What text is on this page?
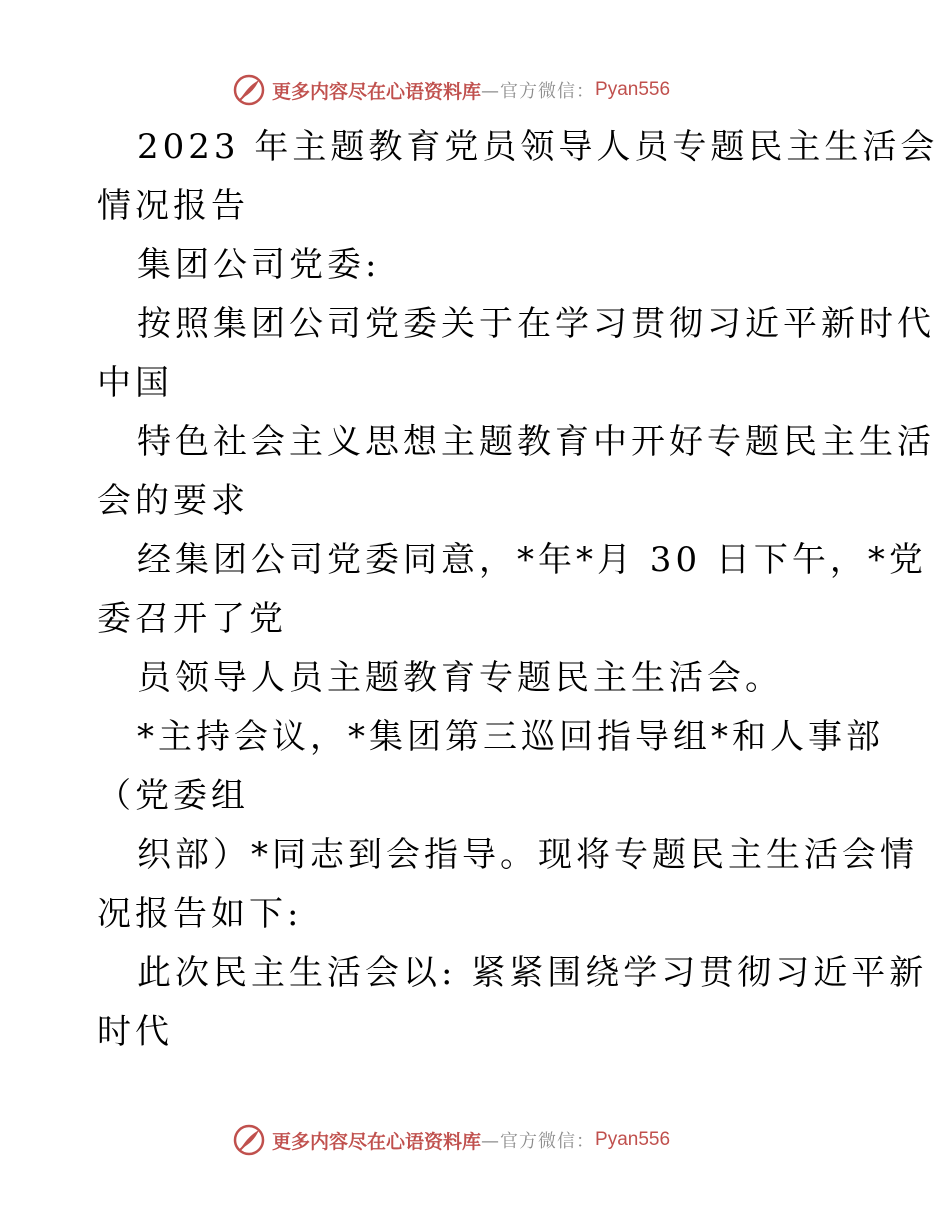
更多内容尽在心语资料库 —官方微信： Pyan556
2023 年主题教育党员领导人员专题民主生活会
情况报告
集团公司党委:
按照集团公司党委关于在学习贯彻习近平新时代
中国
特色社会主义思想主题教育中开好专题民主生活
会的要求
经集团公司党委同意，*年*月 30 日下午，*党
委召开了党
员领导人员主题教育专题民主生活会。
*主持会议，*集团第三巡回指导组*和人事部
（党委组
织部）*同志到会指导。现将专题民主生活会情
况报告如下:
此次民主生活会以: 紧紧围绕学习贯彻习近平新
时代
更多内容尽在心语资料库 —官方微信： Pyan556
